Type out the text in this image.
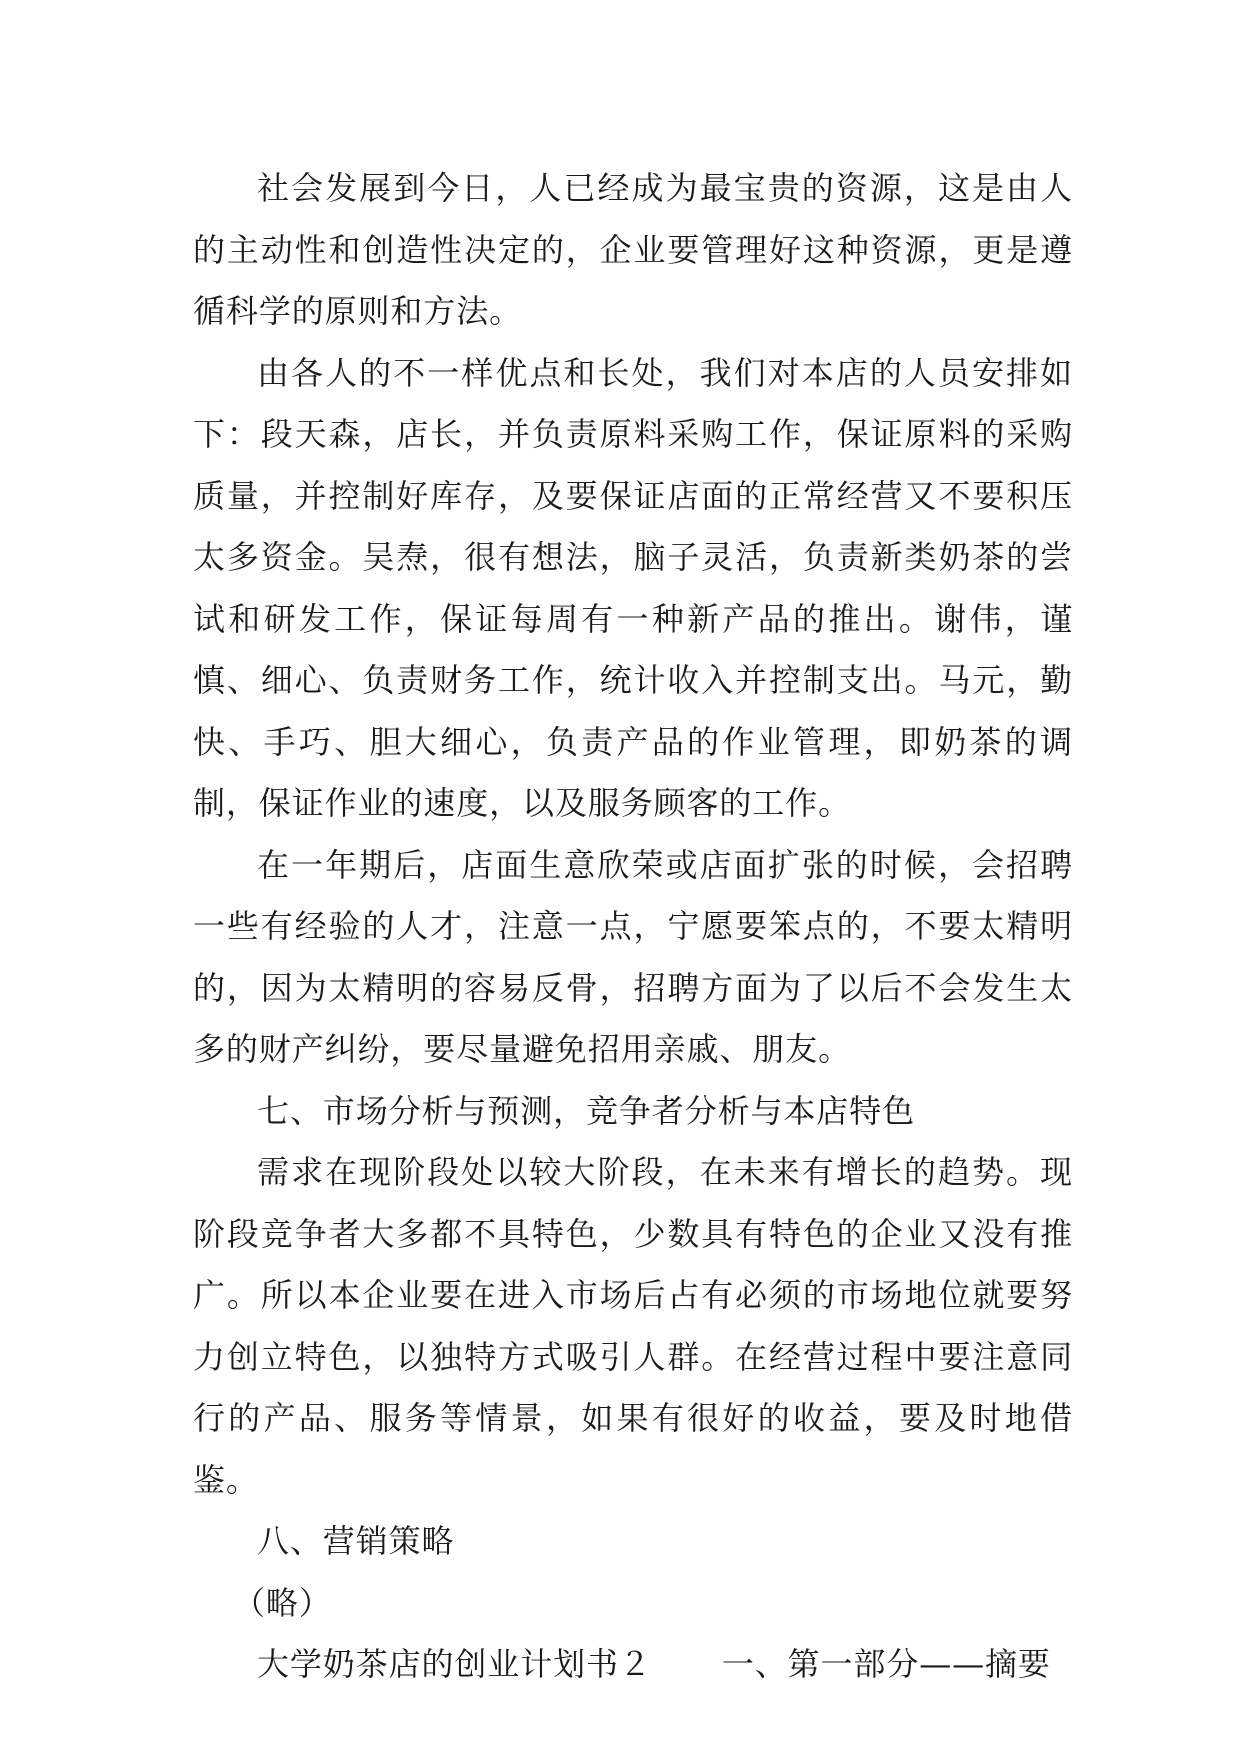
社会发展到今日，人已经成为最宝贵的资源，这是由人的主动性和创造性决定的，企业要管理好这种资源，更是遵循科学的原则和方法。

由各人的不一样优点和长处，我们对本店的人员安排如下：段天森，店长，并负责原料采购工作，保证原料的采购质量，并控制好库存，及要保证店面的正常经营又不要积压太多资金。吴焘，很有想法，脑子灵活，负责新类奶茶的尝试和研发工作，保证每周有一种新产品的推出。谢伟，谨慎、细心、负责财务工作，统计收入并控制支出。马元，勤快、手巧、胆大细心，负责产品的作业管理，即奶茶的调制，保证作业的速度，以及服务顾客的工作。

在一年期后，店面生意欣荣或店面扩张的时候，会招聘一些有经验的人才，注意一点，宁愿要笨点的，不要太精明的，因为太精明的容易反骨，招聘方面为了以后不会发生太多的财产纠纷，要尽量避免招用亲戚、朋友。

七、市场分析与预测，竞争者分析与本店特色

需求在现阶段处以较大阶段，在未来有增长的趋势。现阶段竞争者大多都不具特色，少数具有特色的企业又没有推广。所以本企业要在进入市场后占有必须的市场地位就要努力创立特色，以独特方式吸引人群。在经营过程中要注意同行的产品、服务等情景，如果有很好的收益，要及时地借鉴。

八、营销策略

（略）

大学奶茶店的创业计划书２ 一、第一部分——摘要
